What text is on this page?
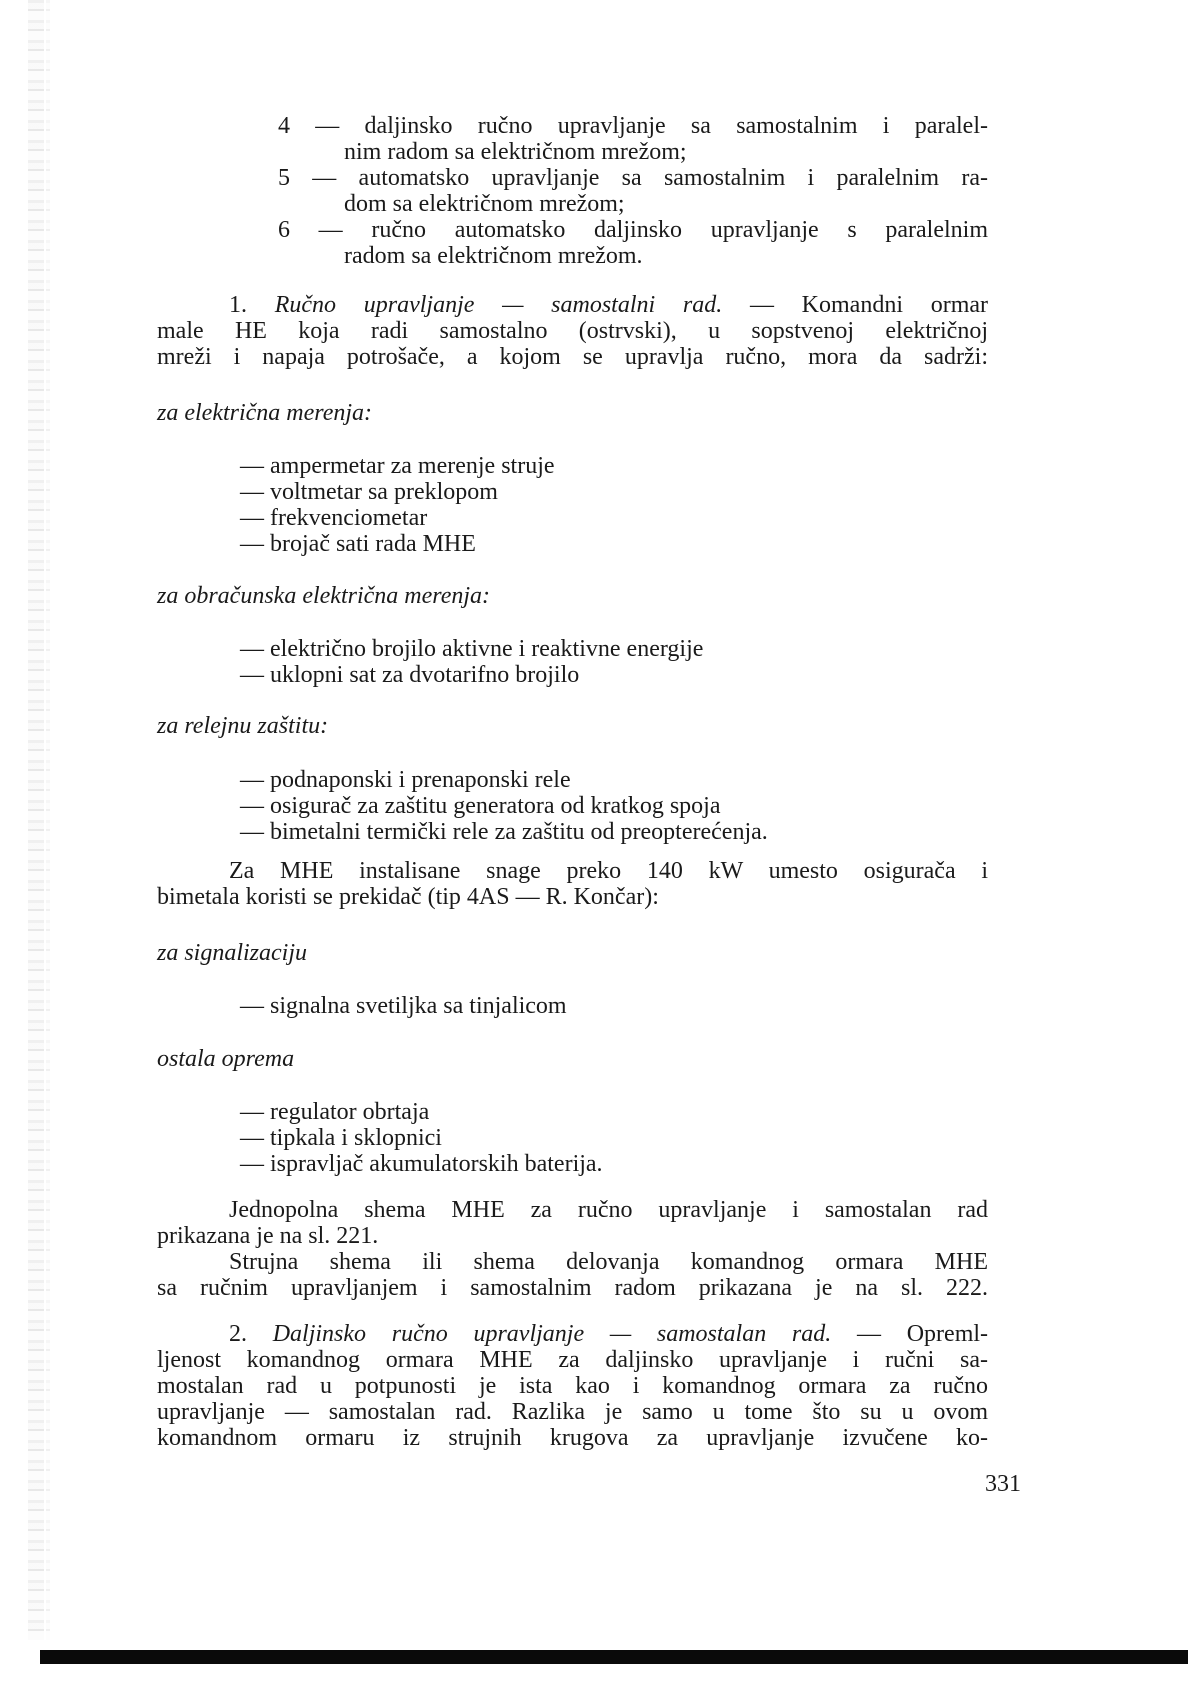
4 — daljinsko ručno upravljanje sa samostalnim i paralel-
nim radom sa električnom mrežom;
5 — automatsko upravljanje sa samostalnim i paralelnim ra-
dom sa električnom mrežom;
6 — ručno automatsko daljinsko upravljanje s paralelnim
radom sa električnom mrežom.
1. Ručno upravljanje — samostalni rad. — Komandni ormar
male HE koja radi samostalno (ostrvski), u sopstvenoj električnoj
mreži i napaja potrošače, a kojom se upravlja ručno, mora da sadrži:
za električna merenja:
— ampermetar za merenje struje
— voltmetar sa preklopom
— frekvenciometar
— brojač sati rada MHE
za obračunska električna merenja:
— električno brojilo aktivne i reaktivne energije
— uklopni sat za dvotarifno brojilo
za relejnu zaštitu:
— podnaponski i prenaponski rele
— osigurač za zaštitu generatora od kratkog spoja
— bimetalni termički rele za zaštitu od preopterećenja.
Za MHE instalisane snage preko 140 kW umesto osigurača i
bimetala koristi se prekidač (tip 4AS — R. Končar):
za signalizaciju
— signalna svetiljka sa tinjalicom
ostala oprema
— regulator obrtaja
— tipkala i sklopnici
— ispravljač akumulatorskih baterija.
Jednopolna shema MHE za ručno upravljanje i samostalan rad
prikazana je na sl. 221.
Strujna shema ili shema delovanja komandnog ormara MHE
sa ručnim upravljanjem i samostalnim radom prikazana je na sl. 222.
2. Daljinsko ručno upravljanje — samostalan rad. — Opreml-
ljenost komandnog ormara MHE za daljinsko upravljanje i ručni sa-
mostalan rad u potpunosti je ista kao i komandnog ormara za ručno
upravljanje — samostalan rad. Razlika je samo u tome što su u ovom
komandnom ormaru iz strujnih krugova za upravljanje izvučene ko-
331
